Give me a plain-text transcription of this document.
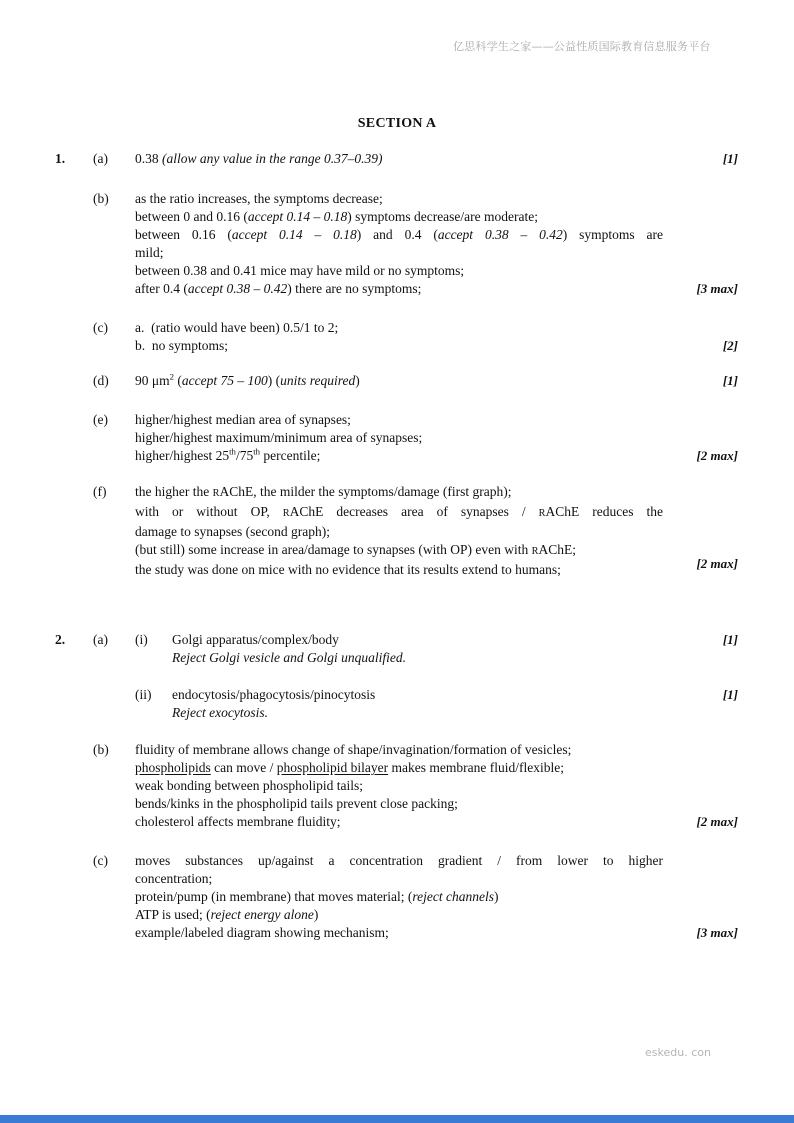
亿思科学生之家——公益性质国际教育信息服务平台
SECTION A
1. (a) 0.38 (allow any value in the range 0.37–0.39)	[1]
(b) as the ratio increases, the symptoms decrease;
between 0 and 0.16 (accept 0.14 – 0.18) symptoms decrease/are moderate;
between 0.16 (accept 0.14 – 0.18) and 0.4 (accept 0.38 – 0.42) symptoms are
mild;
between 0.38 and 0.41 mice may have mild or no symptoms;
after 0.4 (accept 0.38 – 0.42) there are no symptoms;	[3 max]
(c) a.  (ratio would have been) 0.5/1 to 2;
b.  no symptoms;	[2]
(d) 90 $\mu m^2$ (accept 75 – 100) (units required)	[1]
(e) higher/highest median area of synapses;
higher/highest maximum/minimum area of synapses;
higher/highest 25th/75th percentile;	[2 max]
(f) the higher the RAChE, the milder the symptoms/damage (first graph);
with or without OP, RAChE decreases area of synapses / RAChE reduces the
damage to synapses (second graph);
(but still) some increase in area/damage to synapses (with OP) even with RAChE;
the study was done on mice with no evidence that its results extend to humans;	[2 max]
2. (a) (i) Golgi apparatus/complex/body
Reject Golgi vesicle and Golgi unqualified.
[1]
(ii) endocytosis/phagocytosis/pinocytosis
Reject exocytosis.
[1]
(b) fluidity of membrane allows change of shape/invagination/formation of vesicles;
phospholipids can move / phospholipid bilayer makes membrane fluid/flexible;
weak bonding between phospholipid tails;
bends/kinks in the phospholipid tails prevent close packing;
cholesterol affects membrane fluidity;	[2 max]
(c) moves substances up/against a concentration gradient / from lower to higher
concentration;
protein/pump (in membrane) that moves material; (reject channels)
ATP is used; (reject energy alone)
example/labeled diagram showing mechanism;	[3 max]
eskedu. con
